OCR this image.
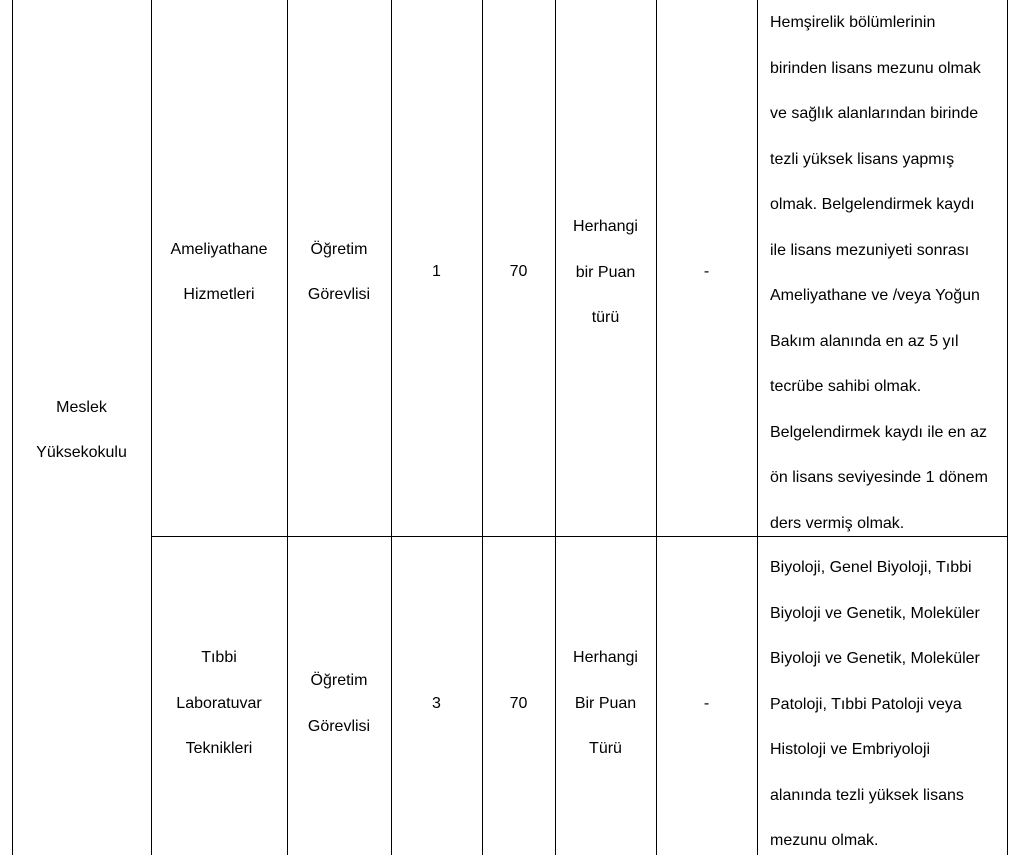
Meslek
Yüksekokulu
Ameliyathane
Hizmetleri
Öğretim
Görevlisi
1	70
Herhangi
bir Puan
türü
-
Hemşirelik bölümlerinin
birinden lisans mezunu olmak
ve sağlık alanlarından birinde
tezli yüksek lisans yapmış
olmak. Belgelendirmek kaydı
ile lisans mezuniyeti sonrası
Ameliyathane ve /veya Yoğun
Bakım alanında en az 5 yıl
tecrübe sahibi olmak.
Belgelendirmek kaydı ile en az
ön lisans seviyesinde 1 dönem
ders vermiş olmak.
Tıbbi
Laboratuvar
Teknikleri
Öğretim
Görevlisi
3	70
Herhangi
Bir Puan
Türü
-
Biyoloji, Genel Biyoloji, Tıbbi
Biyoloji ve Genetik, Moleküler
Biyoloji ve Genetik, Moleküler
Patoloji, Tıbbi Patoloji veya
Histoloji ve Embriyoloji
alanında tezli yüksek lisans
mezunu olmak.
